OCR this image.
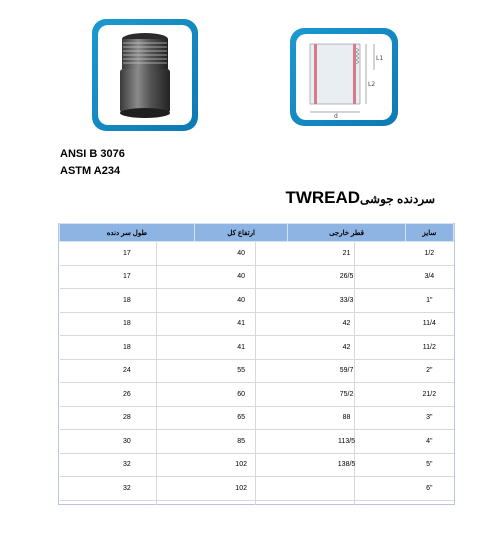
L1
L2
d
ANSI B 3076
ASTM A234
سردنده جوشیTWREAD
طول سر دنده	ارتفاع کل	قطر خارجی	سایز
17	40	21	1/2
17	40	26/5	3/4
18	40	33/3	1"
18	41	42	11/4
18	41	42	11/2
24	55	59/7	2"
26	60	75/2	21/2
28	65	88	3"
30	85	113/5	4"
32	102	138/5	5"
32	102		6"
